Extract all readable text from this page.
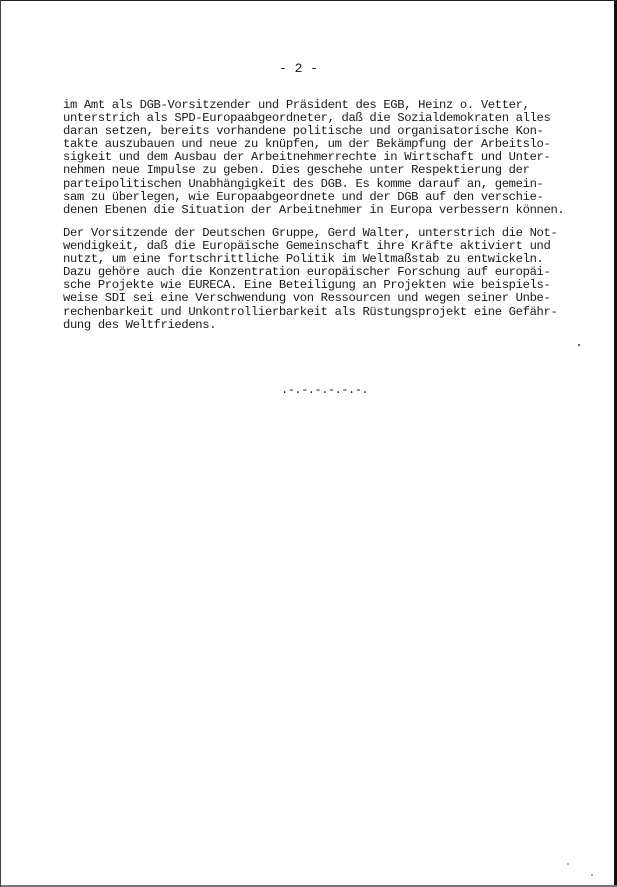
- 2 -
im Amt als DGB-Vorsitzender und Präsident des EGB, Heinz o. Vetter,
unterstrich als SPD-Europaabgeordneter, daß die Sozialdemokraten alles
daran setzen, bereits vorhandene politische und organisatorische Kon-
takte auszubauen und neue zu knüpfen, um der Bekämpfung der Arbeitslo-
sigkeit und dem Ausbau der Arbeitnehmerrechte in Wirtschaft und Unter-
nehmen neue Impulse zu geben. Dies geschehe unter Respektierung der
parteipolitischen Unabhängigkeit des DGB. Es komme darauf an, gemein-
sam zu überlegen, wie Europaabgeordnete und der DGB auf den verschie-
denen Ebenen die Situation der Arbeitnehmer in Europa verbessern können.
Der Vorsitzende der Deutschen Gruppe, Gerd Walter, unterstrich die Not-
wendigkeit, daß die Europäische Gemeinschaft ihre Kräfte aktiviert und
nutzt, um eine fortschrittliche Politik im Weltmaßstab zu entwickeln.
Dazu gehöre auch die Konzentration europäischer Forschung auf europäi-
sche Projekte wie EURECA. Eine Beteiligung an Projekten wie beispiels-
weise SDI sei eine Verschwendung von Ressourcen und wegen seiner Unbe-
rechenbarkeit und Unkontrollierbarkeit als Rüstungsprojekt eine Gefähr-
dung des Weltfriedens.
.-.-.-.-.-.-.
